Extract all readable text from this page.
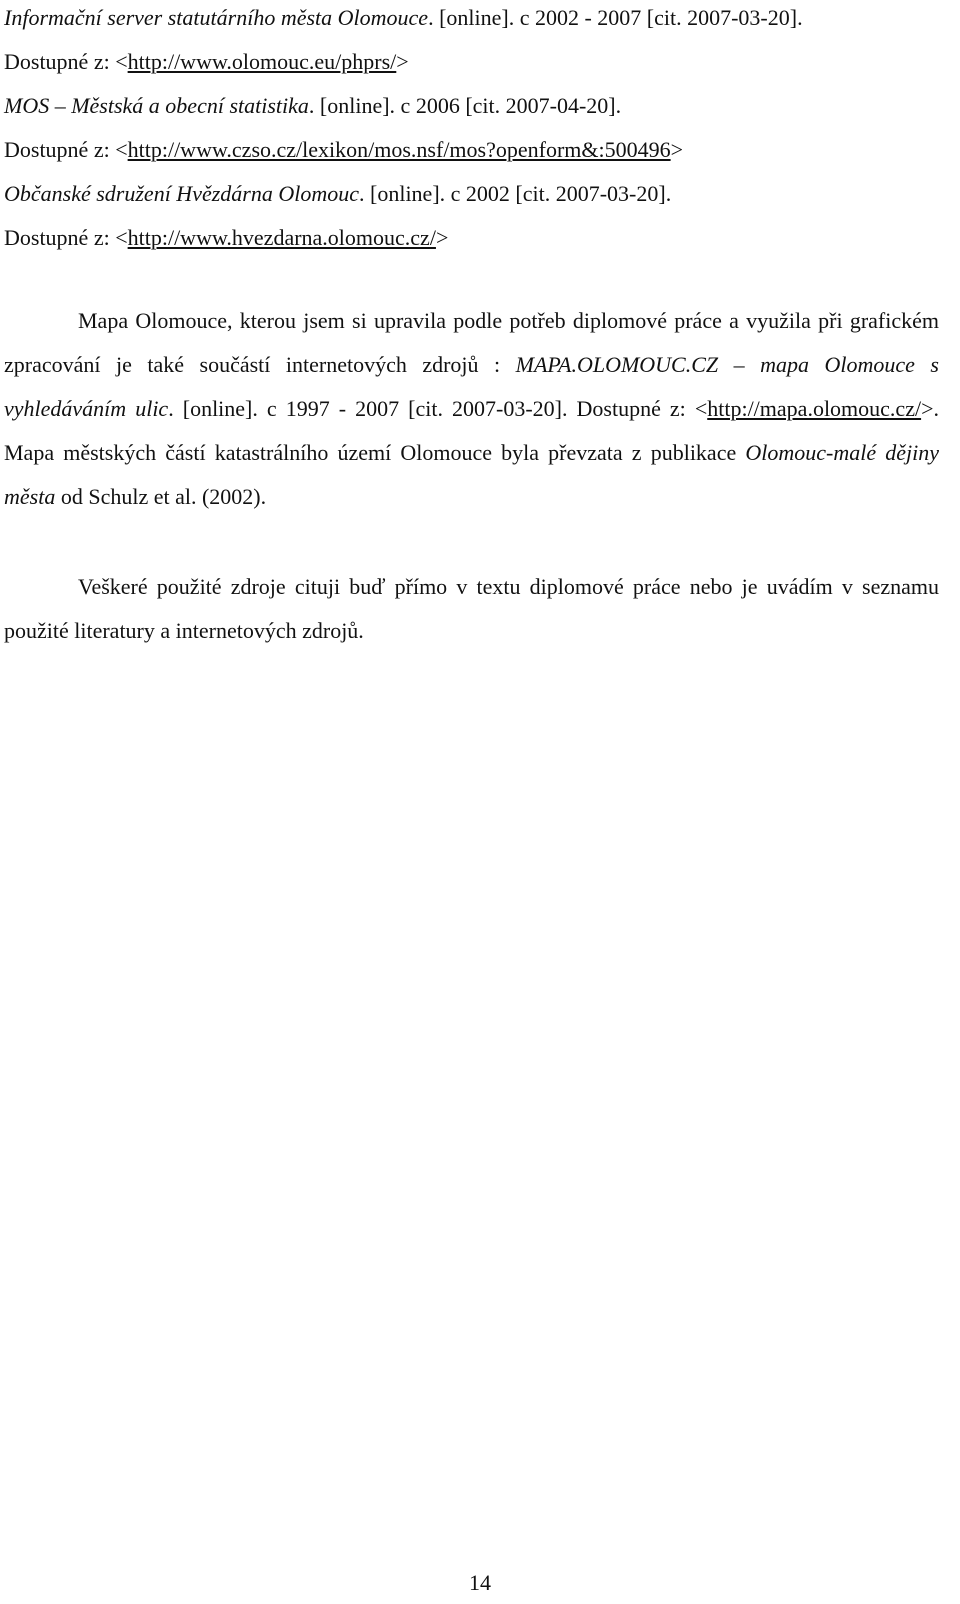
Informační server statutárního města Olomouce. [online]. c 2002 - 2007 [cit. 2007-03-20].
Dostupné z: <http://www.olomouc.eu/phprs/>
MOS – Městská a obecní statistika. [online]. c 2006 [cit. 2007-04-20].
Dostupné z: <http://www.czso.cz/lexikon/mos.nsf/mos?openform&:500496>
Občanské sdružení Hvězdárna Olomouc. [online]. c 2002 [cit. 2007-03-20].
Dostupné z: <http://www.hvezdarna.olomouc.cz/>
Mapa Olomouce, kterou jsem si upravila podle potřeb diplomové práce a využila při grafickém zpracování je také součástí internetových zdrojů : MAPA.OLOMOUC.CZ – mapa Olomouce s vyhledáváním ulic. [online]. c 1997 - 2007 [cit. 2007-03-20]. Dostupné z: <http://mapa.olomouc.cz/>. Mapa městských částí katastrálního území Olomouce byla převzata z publikace Olomouc-malé dějiny města od Schulz et al. (2002).
Veškeré použité zdroje cituji buď přímo v textu diplomové práce nebo je uvádím v seznamu použité literatury a internetových zdrojů.
14
